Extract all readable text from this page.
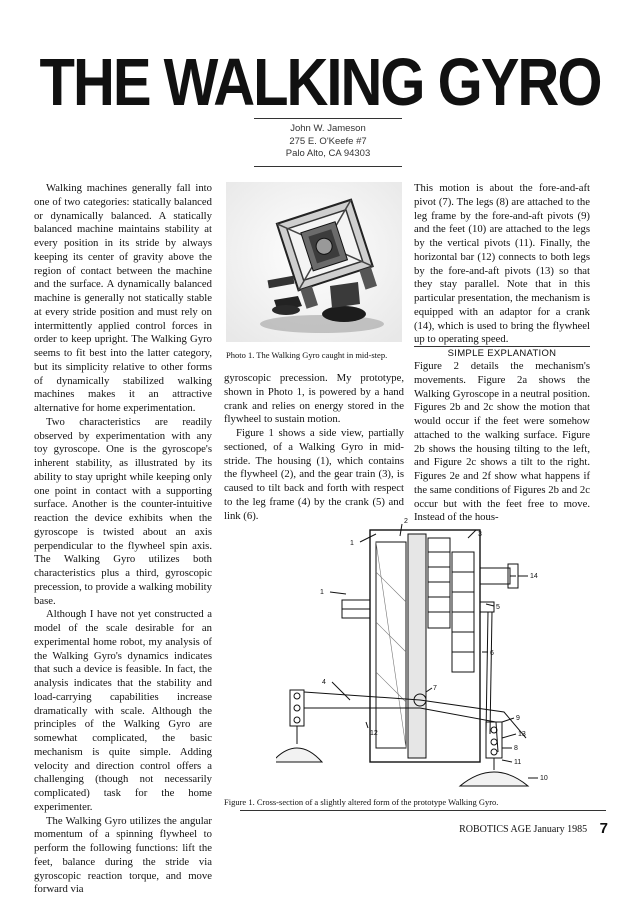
THE WALKING GYRO
John W. Jameson
275 E. O'Keefe #7
Palo Alto, CA 94303

Walking machines generally fall into one of two categories: statically balanced or dynamically balanced. A statically balanced machine maintains stability at every position in its stride by always keeping its center of gravity above the region of contact between the machine and the surface. A dynamically balanced machine is generally not statically stable at every stride position and must rely on intermittently applied control forces in order to keep upright. The Walking Gyro seems to fit best into the latter category, but its simplicity relative to other forms of dynamically stabilized walking machines makes it an attractive alternative for home experimentation.

Two characteristics are readily observed by experimentation with any toy gyroscope. One is the gyroscope's inherent stability, as illustrated by its ability to stay upright while keeping only one point in contact with a supporting surface. Another is the counter-intuitive reaction the device exhibits when the gyroscope is twisted about an axis perpendicular to the flywheel spin axis. The Walking Gyro utilizes both characteristics plus a third, gyroscopic precession, to provide a walking mobility base.

Although I have not yet constructed a model of the scale desirable for an experimental home robot, my analysis of the Walking Gyro's dynamics indicates that such a device is feasible. In fact, the analysis indicates that the stability and load-carrying capabilities increase dramatically with scale. Although the principles of the Walking Gyro are somewhat complicated, the basic mechanism is quite simple. Adding velocity and direction control offers a challenging (though not necessarily complicated) task for the home experimenter.

The Walking Gyro utilizes the angular momentum of a spinning flywheel to perform the following functions: lift the feet, balance during the stride via gyroscopic reaction torque, and move forward via

Photo 1. The Walking Gyro caught in mid-step.

gyroscopic precession. My prototype, shown in Photo 1, is powered by a hand crank and relies on energy stored in the flywheel to sustain motion.

Figure 1 shows a side view, partially sectioned, of a Walking Gyro in mid-stride. The housing (1), which contains the flywheel (2), and the gear train (3), is caused to tilt back and forth with respect to the leg frame (4) by the crank (5) and link (6).

This motion is about the fore-and-aft pivot (7). The legs (8) are attached to the leg frame by the fore-and-aft pivots (9) and the feet (10) are attached to the legs by the vertical pivots (11). Finally, the horizontal bar (12) connects to both legs by the fore-and-aft pivots (13) so that they stay parallel. Note that in this particular presentation, the mechanism is equipped with an adaptor for a crank (14), which is used to bring the flywheel up to operating speed.

SIMPLE EXPLANATION

Figure 2 details the mechanism's movements. Figure 2a shows the Walking Gyroscope in a neutral position. Figures 2b and 2c show the motion that would occur if the feet were somehow attached to the walking surface. Figure 2b shows the housing tilting to the left, and Figure 2c shows a tilt to the right. Figures 2e and 2f show what happens if the same conditions of Figures 2b and 2c occur but with the feet free to move. Instead of the hous-

2
1
3
1
14
5
6
7
4
12
9
13
8
11
10
Figure 1. Cross-section of a slightly altered form of the prototype Walking Gyro.
ROBOTICS AGE January 1985 7
